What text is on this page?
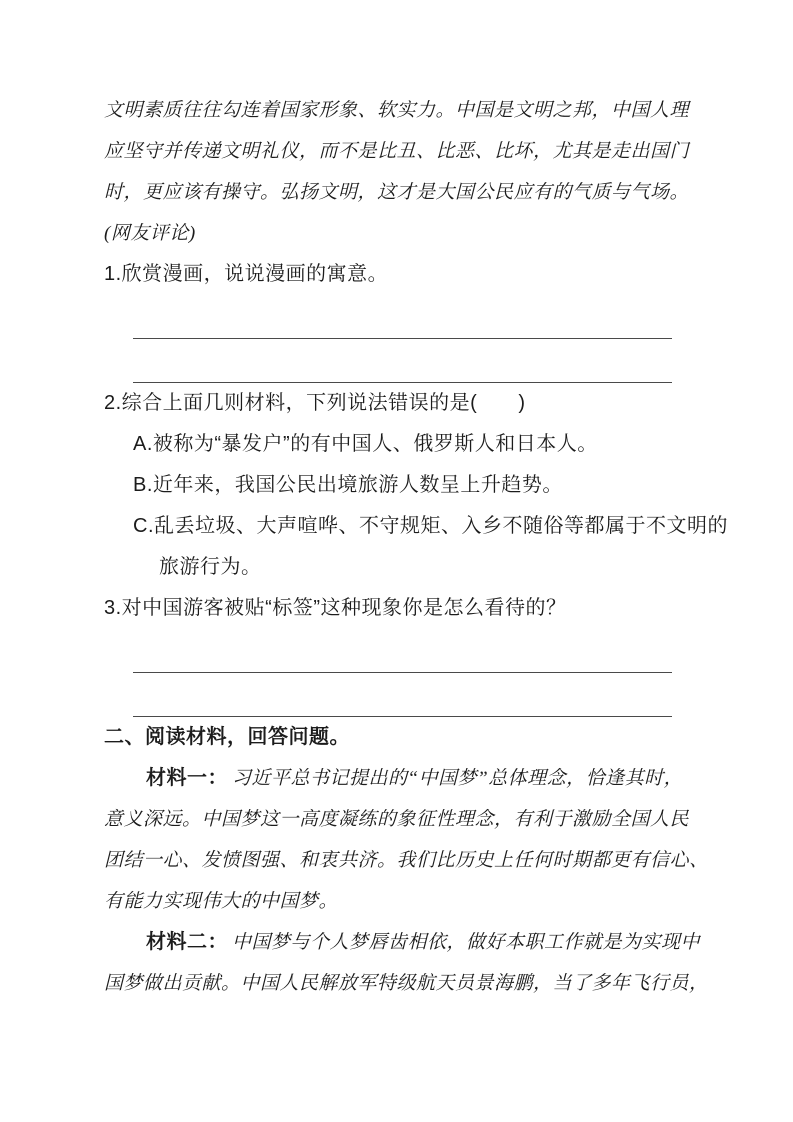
文明素质往往勾连着国家形象、软实力。中国是文明之邦，中国人理
应坚守并传递文明礼仪，而不是比丑、比恶、比坏，尤其是走出国门
时，更应该有操守。弘扬文明，这才是大国公民应有的气质与气场。
(网友评论)
1.欣赏漫画，说说漫画的寓意。
2.综合上面几则材料，下列说法错误的是(　　)
A.被称为“暴发户”的有中国人、俄罗斯人和日本人。
B.近年来，我国公民出境旅游人数呈上升趋势。
C.乱丢垃圾、大声喧哗、不守规矩、入乡不随俗等都属于不文明的
旅游行为。
3.对中国游客被贴“标签”这种现象你是怎么看待的？
二、阅读材料，回答问题。
材料一： 习近平总书记提出的“中国梦”总体理念，恰逢其时，
意义深远。中国梦这一高度凝练的象征性理念，有利于激励全国人民
团结一心、发愤图强、和衷共济。我们比历史上任何时期都更有信心、
有能力实现伟大的中国梦。
材料二： 中国梦与个人梦唇齿相依，做好本职工作就是为实现中
国梦做出贡献。中国人民解放军特级航天员景海鹏，当了多年飞行员，
